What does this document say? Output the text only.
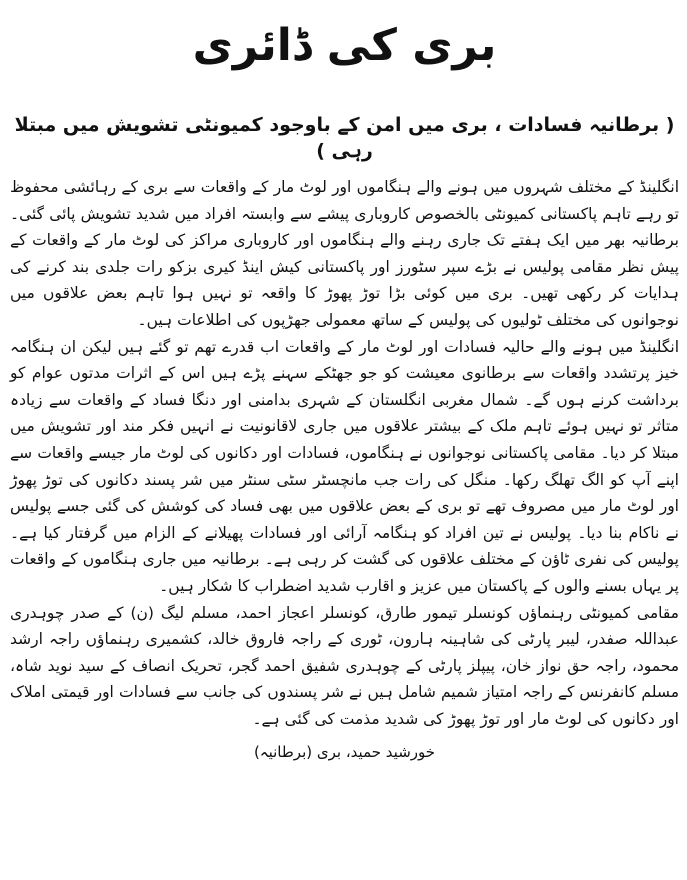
بری کی ڈائری
( برطانیہ فسادات ، بری میں امن کے باوجود کمیونٹی تشویش میں مبتلا رہی )

انگلینڈ کے مختلف شہروں میں ہونے والے ہنگاموں اور لوٹ مار کے واقعات سے بری کے رہائشی محفوظ تو رہے تاہم پاکستانی کمیونٹی بالخصوص کاروباری پیشے سے وابستہ افراد میں شدید تشویش پائی گئی۔ برطانیہ بھر میں ایک ہفتے تک جاری رہنے والے ہنگاموں اور کاروباری مراکز کی لوٹ مار کے واقعات کے پیش نظر مقامی پولیس نے بڑے سپر سٹورز اور پاکستانی کیش اینڈ کیری بزکو رات جلدی بند کرنے کی ہدایات کر رکھی تھیں۔ بری میں کوئی بڑا توڑ پھوڑ کا واقعہ تو نہیں ہوا تاہم بعض علاقوں میں نوجوانوں کی مختلف ٹولیوں کی پولیس کے ساتھ معمولی جھڑپوں کی اطلاعات ہیں۔

انگلینڈ میں ہونے والے حالیہ فسادات اور لوٹ مار کے واقعات اب قدرے تھم تو گئے ہیں لیکن ان ہنگامہ خیز پرتشدد واقعات سے برطانوی معیشت کو جو جھٹکے سہنے پڑے ہیں اس کے اثرات مدتوں عوام کو برداشت کرنے ہوں گے۔ شمال مغربی انگلستان کے شہری بدامنی اور دنگا فساد کے واقعات سے زیادہ متاثر تو نہیں ہوئے تاہم ملک کے بیشتر علاقوں میں جاری لاقانونیت نے انہیں فکر مند اور تشویش میں مبتلا کر دیا۔ مقامی پاکستانی نوجوانوں نے ہنگاموں، فسادات اور دکانوں کی لوٹ مار جیسے واقعات سے اپنے آپ کو الگ تھلگ رکھا۔ منگل کی رات جب مانچسٹر سٹی سنٹر میں شر پسند دکانوں کی توڑ پھوڑ اور لوٹ مار میں مصروف تھے تو بری کے بعض علاقوں میں بھی فساد کی کوشش کی گئی جسے پولیس نے ناکام بنا دیا۔ پولیس نے تین افراد کو ہنگامہ آرائی اور فسادات پھیلانے کے الزام میں گرفتار کیا ہے۔ پولیس کی نفری ٹاؤن کے مختلف علاقوں کی گشت کر رہی ہے۔ برطانیہ میں جاری ہنگاموں کے واقعات پر یہاں بسنے والوں کے پاکستان میں عزیز و اقارب شدید اضطراب کا شکار ہیں۔

مقامی کمیونٹی رہنماؤں کونسلر تیمور طارق، کونسلر اعجاز احمد، مسلم لیگ (ن) کے صدر چوہدری عبداللہ صفدر، لیبر پارٹی کی شاہینہ ہارون، ٹوری کے راجہ فاروق خالد، کشمیری رہنماؤں راجہ ارشد محمود، راجہ حق نواز خان، پیپلز پارٹی کے چوہدری شفیق احمد گجر، تحریک انصاف کے سید نوید شاہ، مسلم کانفرنس کے راجہ امتیاز شمیم شامل ہیں نے شر پسندوں کی جانب سے فسادات اور قیمتی املاک اور دکانوں کی لوٹ مار اور توڑ پھوڑ کی شدید مذمت کی گئی ہے۔

خورشید حمید، بری (برطانیہ)
